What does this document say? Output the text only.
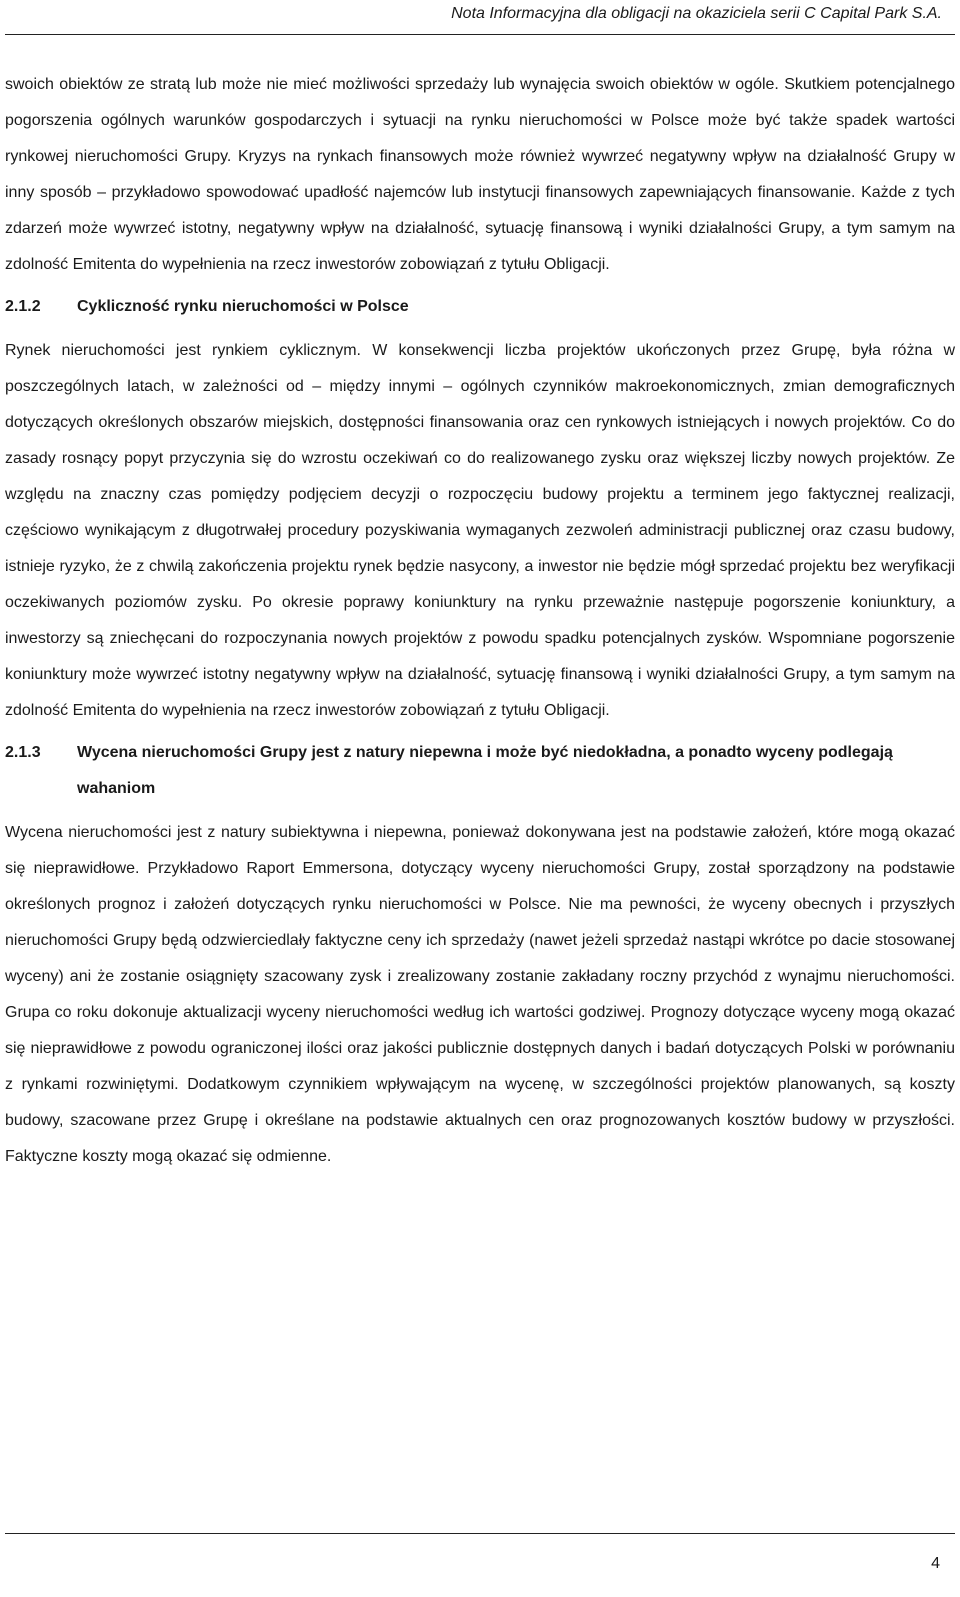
Nota Informacyjna dla obligacji na okaziciela serii C Capital Park S.A.

swoich obiektów ze stratą lub może nie mieć możliwości sprzedaży lub wynajęcia swoich obiektów w ogóle. Skutkiem potencjalnego pogorszenia ogólnych warunków gospodarczych i sytuacji na rynku nieruchomości w Polsce może być także spadek wartości rynkowej nieruchomości Grupy. Kryzys na rynkach finansowych może również wywrzeć negatywny wpływ na działalność Grupy w inny sposób – przykładowo spowodować upadłość najemców lub instytucji finansowych zapewniających finansowanie. Każde z tych zdarzeń może wywrzeć istotny, negatywny wpływ na działalność, sytuację finansową i wyniki działalności Grupy, a tym samym na zdolność Emitenta do wypełnienia na rzecz inwestorów zobowiązań z tytułu Obligacji.

2.1.2	Cykliczność rynku nieruchomości w Polsce

Rynek nieruchomości jest rynkiem cyklicznym. W konsekwencji liczba projektów ukończonych przez Grupę, była różna w poszczególnych latach, w zależności od – między innymi – ogólnych czynników makroekonomicznych, zmian demograficznych dotyczących określonych obszarów miejskich, dostępności finansowania oraz cen rynkowych istniejących i nowych projektów. Co do zasady rosnący popyt przyczynia się do wzrostu oczekiwań co do realizowanego zysku oraz większej liczby nowych projektów. Ze względu na znaczny czas pomiędzy podjęciem decyzji o rozpoczęciu budowy projektu a terminem jego faktycznej realizacji, częściowo wynikającym z długotrwałej procedury pozyskiwania wymaganych zezwoleń administracji publicznej oraz czasu budowy, istnieje ryzyko, że z chwilą zakończenia projektu rynek będzie nasycony, a inwestor nie będzie mógł sprzedać projektu bez weryfikacji oczekiwanych poziomów zysku. Po okresie poprawy koniunktury na rynku przeważnie następuje pogorszenie koniunktury, a inwestorzy są zniechęcani do rozpoczynania nowych projektów z powodu spadku potencjalnych zysków. Wspomniane pogorszenie koniunktury może wywrzeć istotny negatywny wpływ na działalność, sytuację finansową i wyniki działalności Grupy, a tym samym na zdolność Emitenta do wypełnienia na rzecz inwestorów zobowiązań z tytułu Obligacji.

2.1.3	Wycena nieruchomości Grupy jest z natury niepewna i może być niedokładna, a ponadto wyceny podlegają wahaniom

Wycena nieruchomości jest z natury subiektywna i niepewna, ponieważ dokonywana jest na podstawie założeń, które mogą okazać się nieprawidłowe. Przykładowo Raport Emmersona, dotyczący wyceny nieruchomości Grupy, został sporządzony na podstawie określonych prognoz i założeń dotyczących rynku nieruchomości w Polsce. Nie ma pewności, że wyceny obecnych i przyszłych nieruchomości Grupy będą odzwierciedlały faktyczne ceny ich sprzedaży (nawet jeżeli sprzedaż nastąpi wkrótce po dacie stosowanej wyceny) ani że zostanie osiągnięty szacowany zysk i zrealizowany zostanie zakładany roczny przychód z wynajmu nieruchomości. Grupa co roku dokonuje aktualizacji wyceny nieruchomości według ich wartości godziwej. Prognozy dotyczące wyceny mogą okazać się nieprawidłowe z powodu ograniczonej ilości oraz jakości publicznie dostępnych danych i badań dotyczących Polski w porównaniu z rynkami rozwiniętymi. Dodatkowym czynnikiem wpływającym na wycenę, w szczególności projektów planowanych, są koszty budowy, szacowane przez Grupę i określane na podstawie aktualnych cen oraz prognozowanych kosztów budowy w przyszłości. Faktyczne koszty mogą okazać się odmienne.

4
